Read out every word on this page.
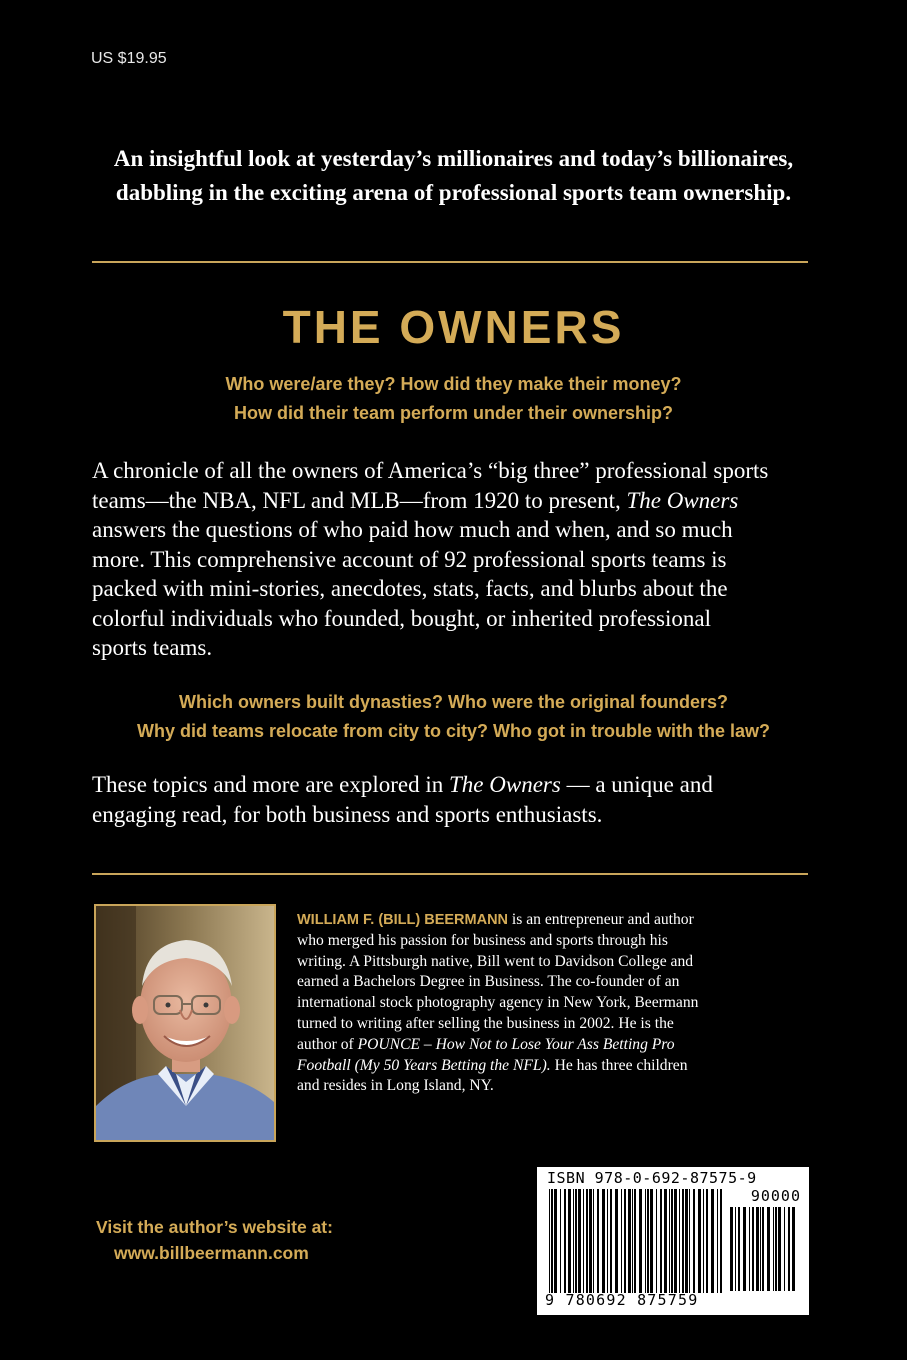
US $19.95
An insightful look at yesterday’s millionaires and today’s billionaires,
dabbling in the exciting arena of professional sports team ownership.
THE OWNERS
Who were/are they? How did they make their money?
How did their team perform under their ownership?
A chronicle of all the owners of America’s “big three” professional sports
teams—the NBA, NFL and MLB—from 1920 to present, The Owners
answers the questions of who paid how much and when, and so much
more. This comprehensive account of 92 professional sports teams is
packed with mini-stories, anecdotes, stats, facts, and blurbs about the
colorful individuals who founded, bought, or inherited professional
sports teams.
Which owners built dynasties? Who were the original founders?
Why did teams relocate from city to city? Who got in trouble with the law?
These topics and more are explored in The Owners — a unique and
engaging read, for both business and sports enthusiasts.
WILLIAM F. (BILL) BEERMANN is an entrepreneur and author
who merged his passion for business and sports through his
writing. A Pittsburgh native, Bill went to Davidson College and
earned a Bachelors Degree in Business. The co-founder of an
international stock photography agency in New York, Beermann
turned to writing after selling the business in 2002. He is the
author of POUNCE – How Not to Lose Your Ass Betting Pro
Football (My 50 Years Betting the NFL). He has three children
and resides in Long Island, NY.
Visit the author’s website at:
www.billbeermann.com
ISBN 978-0-692-87575-9
90000
9 780692 875759
